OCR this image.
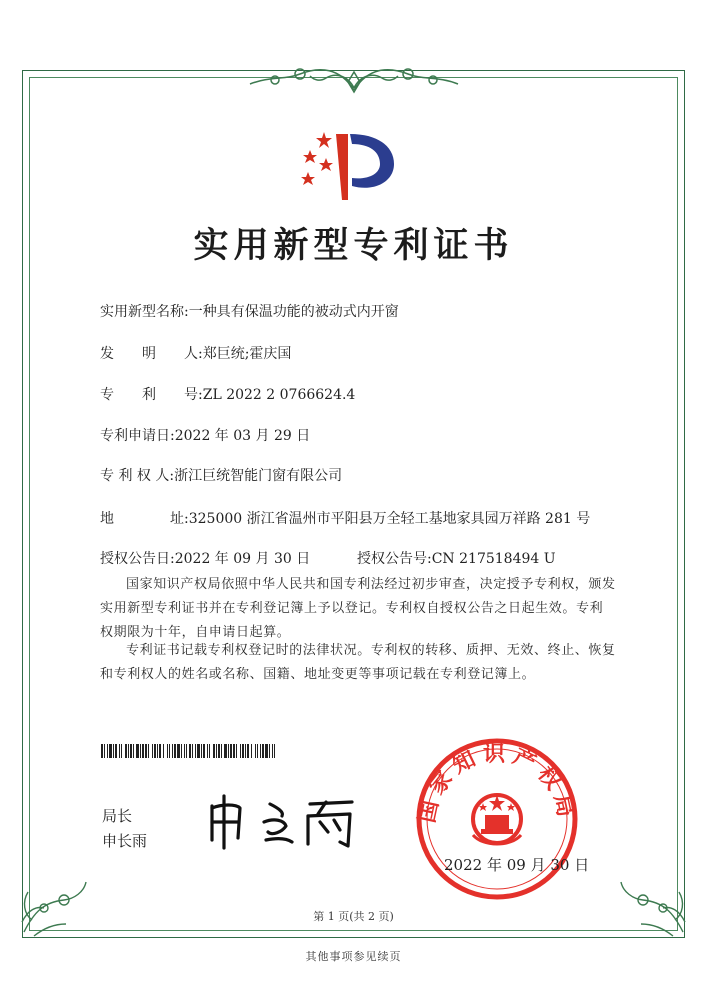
实用新型专利证书
实用新型名称:一种具有保温功能的被动式内开窗
发　　明　　人:郑巨统;霍庆国
专　　利　　号:ZL 2022 2 0766624.4
专利申请日:2022 年 03 月 29 日
专 利 权 人:浙江巨统智能门窗有限公司
地　　　　址:325000 浙江省温州市平阳县万全轻工基地家具园万祥路 281 号
授权公告日:2022 年 09 月 30 日	授权公告号:CN 217518494 U
国家知识产权局依照中华人民共和国专利法经过初步审查，决定授予专利权，颁发实用新型专利证书并在专利登记簿上予以登记。专利权自授权公告之日起生效。专利权期限为十年，自申请日起算。
专利证书记载专利权登记时的法律状况。专利权的转移、质押、无效、终止、恢复和专利权人的姓名或名称、国籍、地址变更等事项记载在专利登记簿上。
局长
申长雨
国家知识产权局
2022 年 09 月 30 日
第 1 页(共 2 页)
其他事项参见续页
